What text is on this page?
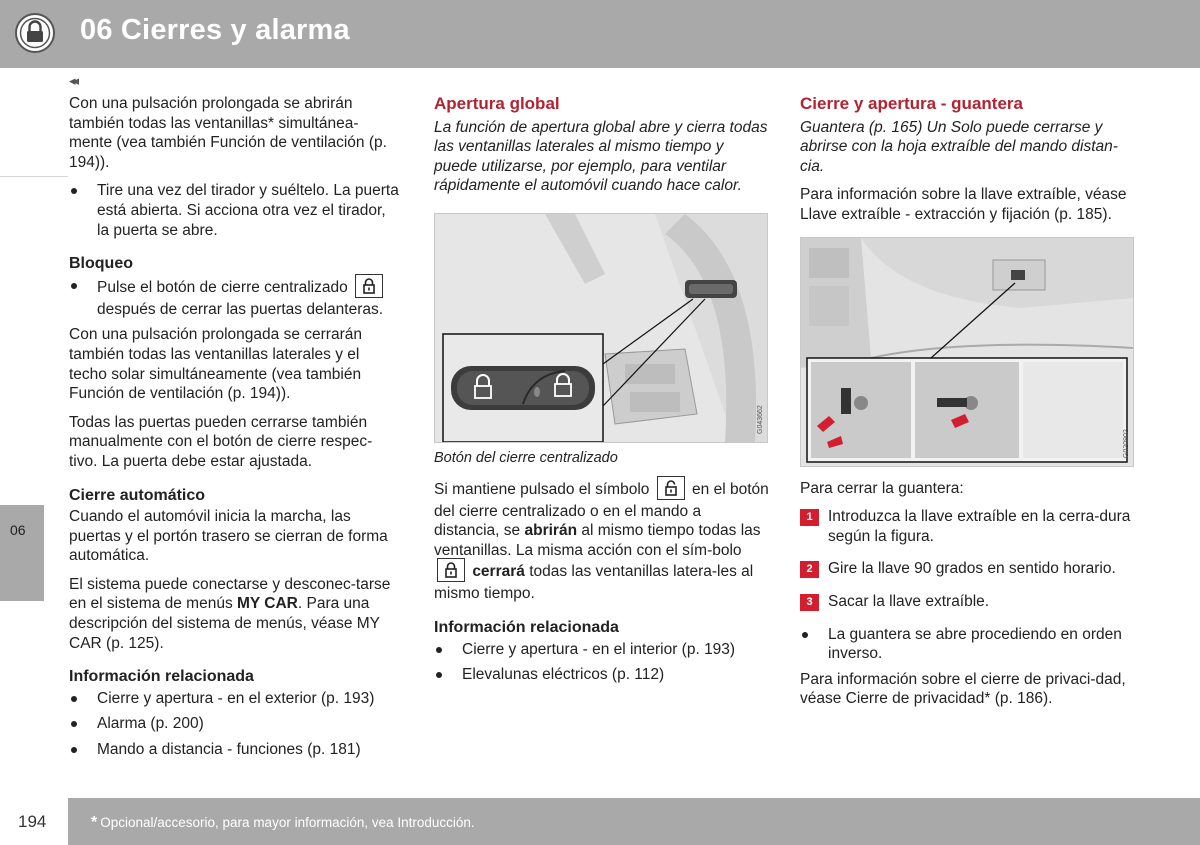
06 Cierres y alarma
◂◂
06

Con una pulsación prolongada se abrirán también todas las ventanillas* simultánea-mente (vea también Función de ventilación (p. 194)).

Tire una vez del tirador y suéltelo. La puerta está abierta. Si acciona otra vez el tirador, la puerta se abre.
Bloqueo
Pulse el botón de cierre centralizado
después de cerrar las puertas delanteras.

Con una pulsación prolongada se cerrarán también todas las ventanillas laterales y el techo solar simultáneamente (vea también Función de ventilación (p. 194)).

Todas las puertas pueden cerrarse también manualmente con el botón de cierre respec-tivo. La puerta debe estar ajustada.

Cierre automático

Cuando el automóvil inicia la marcha, las puertas y el portón trasero se cierran de forma automática.

El sistema puede conectarse y desconec-tarse en el sistema de menús MY CAR. Para una descripción del sistema de menús, véase MY CAR (p. 125).

Información relacionada
Cierre y apertura - en el exterior (p. 193)
Alarma (p. 200)
Mando a distancia - funciones (p. 181)
Apertura global

La función de apertura global abre y cierra todas las ventanillas laterales al mismo tiempo y puede utilizarse, por ejemplo, para ventilar rápidamente el automóvil cuando hace calor.

G043662
Botón del cierre centralizado

Si mantiene pulsado el símbolo	en el botón del cierre centralizado o en el mando a distancia, se abrirán al mismo tiempo todas las ventanillas. La misma acción con el sím-bolo
cerrará todas las ventanillas latera-les al mismo tiempo.

Información relacionada
Cierre y apertura - en el interior (p. 193)
Elevalunas eléctricos (p. 112)
Cierre y apertura - guantera

Guantera (p. 165) Un Solo puede cerrarse y abrirse con la hoja extraíble del mando distan-cia.

Para información sobre la llave extraíble, véase Llave extraíble - extracción y fijación (p. 185).

G020902

Para cerrar la guantera:

1 Introduzca la llave extraíble en la cerra-dura según la figura.
2 Gire la llave 90 grados en sentido horario.
3 Sacar la llave extraíble.
La guantera se abre procediendo en orden inverso.

Para información sobre el cierre de privaci-dad, véase Cierre de privacidad* (p. 186).

194	* Opcional/accesorio, para mayor información, vea Introducción.
